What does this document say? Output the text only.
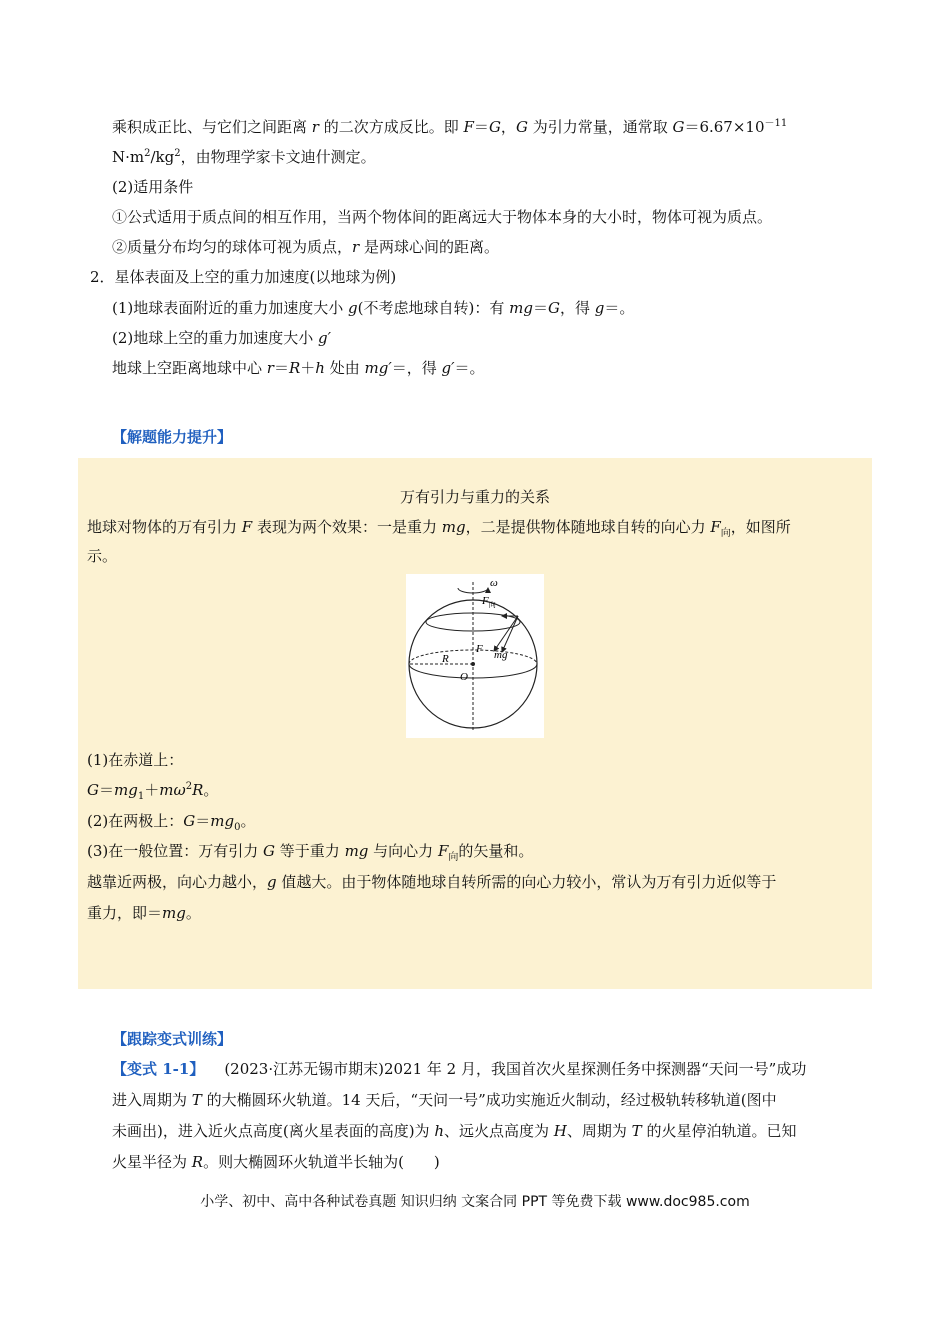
乘积成正比、与它们之间距离 r 的二次方成反比。即 F＝G，G 为引力常量，通常取 $G=6.67\times 10^{-11}$
$N\cdot m^2/kg^2$，由物理学家卡文迪什测定。
(2)适用条件
①公式适用于质点间的相互作用，当两个物体间的距离远大于物体本身的大小时，物体可视为质点。
②质量分布均匀的球体可视为质点，r 是两球心间的距离。
2．星体表面及上空的重力加速度(以地球为例)
(1)地球表面附近的重力加速度大小 g(不考虑地球自转)：有 mg＝G，得 g＝。
(2)地球上空的重力加速度大小 g′
地球上空距离地球中心 r＝R＋h 处由 mg′＝，得 g′＝。
【解题能力提升】
万有引力与重力的关系
地球对物体的万有引力 F 表现为两个效果：一是重力 mg，二是提供物体随地球自转的向心力 $F_向$，如图所
示。
ω
$F_向$
F mg
R
O
(1)在赤道上：
$G=mg_1+m\omega^2R$。
(2)在两极上：$G=mg_0$。
(3)在一般位置：万有引力 G 等于重力 mg 与向心力 $F_向$的矢量和。
越靠近两极，向心力越小，g 值越大。由于物体随地球自转所需的向心力较小，常认为万有引力近似等于
重力，即＝mg。
【跟踪变式训练】
【变式 1-1】 (2023·江苏无锡市期末)2021 年 2 月，我国首次火星探测任务中探测器“天问一号”成功
进入周期为 T 的大椭圆环火轨道。14 天后，“天问一号”成功实施近火制动，经过极轨转移轨道(图中
未画出)，进入近火点高度(离火星表面的高度)为 h、远火点高度为 H、周期为 T 的火星停泊轨道。已知
火星半径为 R。则大椭圆环火轨道半长轴为(　　)
小学、初中、高中各种试卷真题 知识归纳 文案合同 PPT 等免费下载 www.doc985.com
